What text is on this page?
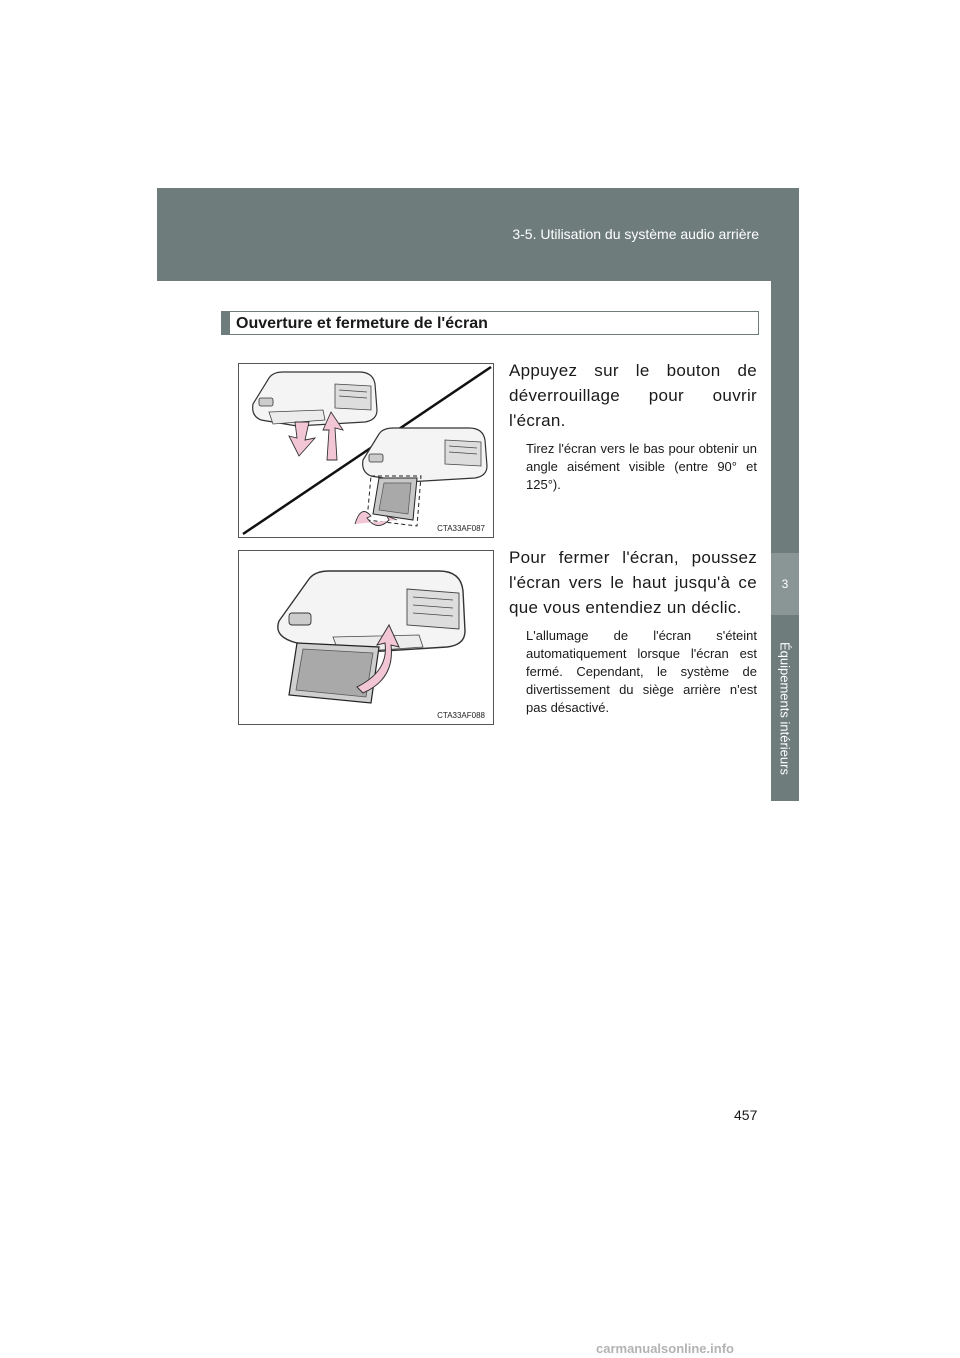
3-5. Utilisation du système audio arrière
3
Équipements intérieurs
Ouverture et fermeture de l'écran
CTA33AF087
Appuyez sur le bouton de déverrouillage pour ouvrir l'écran.
Tirez l'écran vers le bas pour obtenir un angle aisément visible (entre 90° et 125°).
CTA33AF088
Pour fermer l'écran, poussez l'écran vers le haut jusqu'à ce que vous entendiez un déclic.
L'allumage de l'écran s'éteint automatiquement lorsque l'écran est fermé. Cependant, le système de divertissement du siège arrière n'est pas désactivé.
457
carmanualsonline.info
